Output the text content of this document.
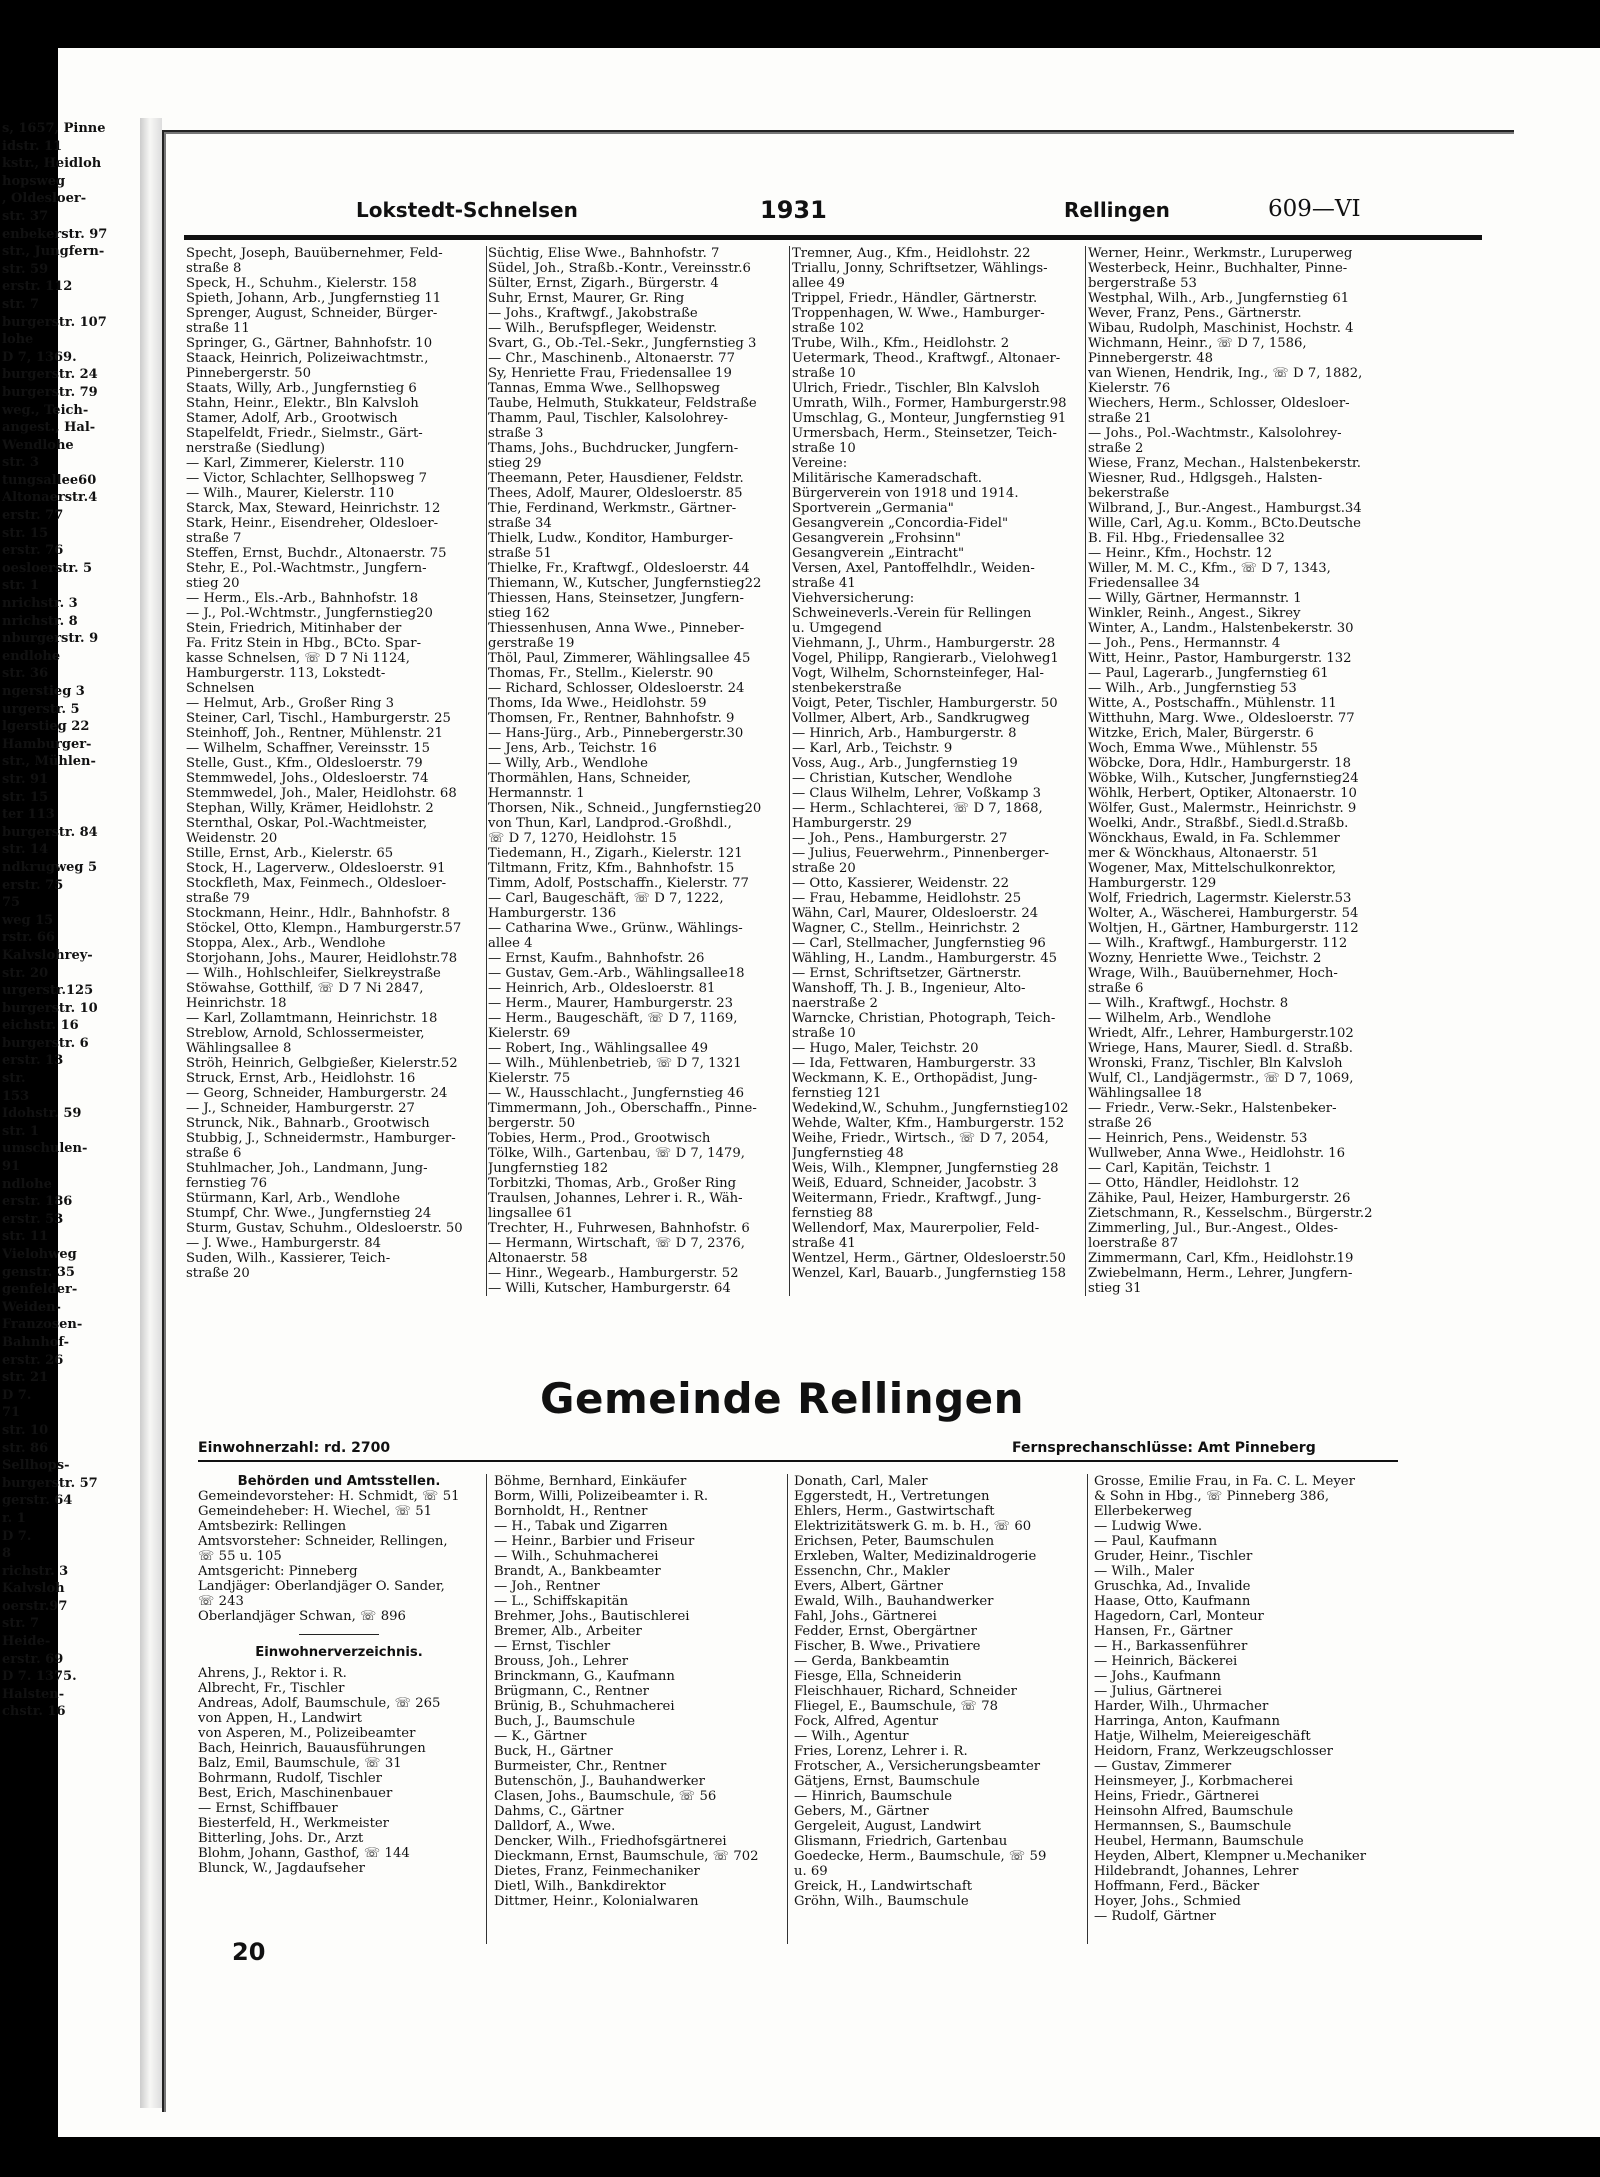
s, 1657, Pinne
idstr. 11
kstr., Heidloh
hopsweg
, Oldesloer-
str. 37
enbekerstr. 97
str., Jungfern-
str. 59
erstr. 112
str. 7
burgerstr. 107
lohe
D 7, 1369.
burgerstr. 24
burgerstr. 79
weg., Teich-
angest., Hal-
Wendlohe
str. 3
tungsallee60
Altonaerstr.4
erstr. 77
str. 15
erstr. 76
oesloerstr. 5
str. 1
nrichstr. 3
nrichstr. 8
nburgerstr. 9
endlohe
str. 36
ngerstieg 3
urgerstr. 5
lgerstieg 22
Hamburger-
str., Mühlen-
str. 91
str. 15
ter 113
burgerstr. 84
str. 14
ndkrugweg 5
erstr. 75
75
weg 15
rstr. 66
Kalvslohrey-
str. 20
urgerstr.125
burgerstr. 10
eichstr. 16
burgerstr. 6
erstr. 13
str.
153
Idohstr. 59
str. 1
umschulen-
91
ndlohe
erstr. 186
erstr. 53
str. 11
Vielohweg
genstr. 35
genfelder-
Weiden-
Franzosen-
Bahnhof-
erstr. 26
str. 21
D 7.
71
str. 10
str. 86
Sellhops-
burgerstr. 57
gerstr. 64
r. 1
D 7.
8
richstr. 3
Kalvsloh
oerstr.97
str. 7
Heide-
erstr. 69
D 7. 1375.
Halsten-
chstr. 16
Lokstedt-Schnelsen	1931	Rellingen	609—VI
Specht, Joseph, Bauübernehmer, Feld-
straße 8
Speck, H., Schuhm., Kielerstr. 158
Spieth, Johann, Arb., Jungfernstieg 11
Sprenger, August, Schneider, Bürger-
straße 11
Springer, G., Gärtner, Bahnhofstr. 10
Staack, Heinrich, Polizeiwachtmstr.,
Pinnebergerstr. 50
Staats, Willy, Arb., Jungfernstieg 6
Stahn, Heinr., Elektr., Bln Kalvsloh
Stamer, Adolf, Arb., Grootwisch
Stapelfeldt, Friedr., Sielmstr., Gärt-
nerstraße (Siedlung)
— Karl, Zimmerer, Kielerstr. 110
— Victor, Schlachter, Sellhopsweg 7
— Wilh., Maurer, Kielerstr. 110
Starck, Max, Steward, Heinrichstr. 12
Stark, Heinr., Eisendreher, Oldesloer-
straße 7
Steffen, Ernst, Buchdr., Altonaerstr. 75
Stehr, E., Pol.-Wachtmstr., Jungfern-
stieg 20
— Herm., Els.-Arb., Bahnhofstr. 18
— J., Pol.-Wchtmstr., Jungfernstieg20
Stein, Friedrich, Mitinhaber der
Fa. Fritz Stein in Hbg., BCto. Spar-
kasse Schnelsen, ☏ D 7 Ni 1124,
Hamburgerstr. 113, Lokstedt-
Schnelsen
— Helmut, Arb., Großer Ring 3
Steiner, Carl, Tischl., Hamburgerstr. 25
Steinhoff, Joh., Rentner, Mühlenstr. 21
— Wilhelm, Schaffner, Vereinsstr. 15
Stelle, Gust., Kfm., Oldesloerstr. 79
Stemmwedel, Johs., Oldesloerstr. 74
Stemmwedel, Joh., Maler, Heidlohstr. 68
Stephan, Willy, Krämer, Heidlohstr. 2
Sternthal, Oskar, Pol.-Wachtmeister,
Weidenstr. 20
Stille, Ernst, Arb., Kielerstr. 65
Stock, H., Lagerverw., Oldesloerstr. 91
Stockfleth, Max, Feinmech., Oldesloer-
straße 79
Stockmann, Heinr., Hdlr., Bahnhofstr. 8
Stöckel, Otto, Klempn., Hamburgerstr.57
Stoppa, Alex., Arb., Wendlohe
Storjohann, Johs., Maurer, Heidlohstr.78
— Wilh., Hohlschleifer, Sielkreystraße
Stöwahse, Gotthilf, ☏ D 7 Ni 2847,
Heinrichstr. 18
— Karl, Zollamtmann, Heinrichstr. 18
Streblow, Arnold, Schlossermeister,
Wählingsallee 8
Ströh, Heinrich, Gelbgießer, Kielerstr.52
Struck, Ernst, Arb., Heidlohstr. 16
— Georg, Schneider, Hamburgerstr. 24
— J., Schneider, Hamburgerstr. 27
Strunck, Nik., Bahnarb., Grootwisch
Stubbig, J., Schneidermstr., Hamburger-
straße 6
Stuhlmacher, Joh., Landmann, Jung-
fernstieg 76
Stürmann, Karl, Arb., Wendlohe
Stumpf, Chr. Wwe., Jungfernstieg 24
Sturm, Gustav, Schuhm., Oldesloerstr. 50
— J. Wwe., Hamburgerstr. 84
Suden, Wilh., Kassierer, Teich-
straße 20
Süchtig, Elise Wwe., Bahnhofstr. 7
Südel, Joh., Straßb.-Kontr., Vereinsstr.6
Sülter, Ernst, Zigarh., Bürgerstr. 4
Suhr, Ernst, Maurer, Gr. Ring
— Johs., Kraftwgf., Jakobstraße
— Wilh., Berufspfleger, Weidenstr.
Svart, G., Ob.-Tel.-Sekr., Jungfernstieg 3
— Chr., Maschinenb., Altonaerstr. 77
Sy, Henriette Frau, Friedensallee 19
Tannas, Emma Wwe., Sellhopsweg
Taube, Helmuth, Stukkateur, Feldstraße
Thamm, Paul, Tischler, Kalsolohrey-
straße 3
Thams, Johs., Buchdrucker, Jungfern-
stieg 29
Theemann, Peter, Hausdiener, Feldstr.
Thees, Adolf, Maurer, Oldesloerstr. 85
Thie, Ferdinand, Werkmstr., Gärtner-
straße 34
Thielk, Ludw., Konditor, Hamburger-
straße 51
Thielke, Fr., Kraftwgf., Oldesloerstr. 44
Thiemann, W., Kutscher, Jungfernstieg22
Thiessen, Hans, Steinsetzer, Jungfern-
stieg 162
Thiessenhusen, Anna Wwe., Pinneber-
gerstraße 19
Thöl, Paul, Zimmerer, Wählingsallee 45
Thomas, Fr., Stellm., Kielerstr. 90
— Richard, Schlosser, Oldesloerstr. 24
Thoms, Ida Wwe., Heidlohstr. 59
Thomsen, Fr., Rentner, Bahnhofstr. 9
— Hans-Jürg., Arb., Pinnebergerstr.30
— Jens, Arb., Teichstr. 16
— Willy, Arb., Wendlohe
Thormählen, Hans, Schneider,
Hermannstr. 1
Thorsen, Nik., Schneid., Jungfernstieg20
von Thun, Karl, Landprod.-Großhdl.,
☏ D 7, 1270, Heidlohstr. 15
Tiedemann, H., Zigarh., Kielerstr. 121
Tiltmann, Fritz, Kfm., Bahnhofstr. 15
Timm, Adolf, Postschaffn., Kielerstr. 77
— Carl, Baugeschäft, ☏ D 7, 1222,
Hamburgerstr. 136
— Catharina Wwe., Grünw., Wählings-
allee 4
— Ernst, Kaufm., Bahnhofstr. 26
— Gustav, Gem.-Arb., Wählingsallee18
— Heinrich, Arb., Oldesloerstr. 81
— Herm., Maurer, Hamburgerstr. 23
— Herm., Baugeschäft, ☏ D 7, 1169,
Kielerstr. 69
— Robert, Ing., Wählingsallee 49
— Wilh., Mühlenbetrieb, ☏ D 7, 1321
Kielerstr. 75
— W., Hausschlacht., Jungfernstieg 46
Timmermann, Joh., Oberschaffn., Pinne-
bergerstr. 50
Tobies, Herm., Prod., Grootwisch
Tölke, Wilh., Gartenbau, ☏ D 7, 1479,
Jungfernstieg 182
Torbitzki, Thomas, Arb., Großer Ring
Traulsen, Johannes, Lehrer i. R., Wäh-
lingsallee 61
Trechter, H., Fuhrwesen, Bahnhofstr. 6
— Hermann, Wirtschaft, ☏ D 7, 2376,
Altonaerstr. 58
— Hinr., Wegearb., Hamburgerstr. 52
— Willi, Kutscher, Hamburgerstr. 64
Tremner, Aug., Kfm., Heidlohstr. 22
Triallu, Jonny, Schriftsetzer, Wählings-
allee 49
Trippel, Friedr., Händler, Gärtnerstr.
Troppenhagen, W. Wwe., Hamburger-
straße 102
Trube, Wilh., Kfm., Heidlohstr. 2
Uetermark, Theod., Kraftwgf., Altonaer-
straße 10
Ulrich, Friedr., Tischler, Bln Kalvsloh
Umrath, Wilh., Former, Hamburgerstr.98
Umschlag, G., Monteur, Jungfernstieg 91
Urmersbach, Herm., Steinsetzer, Teich-
straße 10
Vereine:
Militärische Kameradschaft.
Bürgerverein von 1918 und 1914.
Sportverein „Germania"
Gesangverein „Concordia-Fidel"
Gesangverein „Frohsinn"
Gesangverein „Eintracht"
Versen, Axel, Pantoffelhdlr., Weiden-
straße 41
Viehversicherung:
Schweineverls.-Verein für Rellingen
u. Umgegend
Viehmann, J., Uhrm., Hamburgerstr. 28
Vogel, Philipp, Rangierarb., Vielohweg1
Vogt, Wilhelm, Schornsteinfeger, Hal-
stenbekerstraße
Voigt, Peter, Tischler, Hamburgerstr. 50
Vollmer, Albert, Arb., Sandkrugweg
— Hinrich, Arb., Hamburgerstr. 8
— Karl, Arb., Teichstr. 9
Voss, Aug., Arb., Jungfernstieg 19
— Christian, Kutscher, Wendlohe
— Claus Wilhelm, Lehrer, Voßkamp 3
— Herm., Schlachterei, ☏ D 7, 1868,
Hamburgerstr. 29
— Joh., Pens., Hamburgerstr. 27
— Julius, Feuerwehrm., Pinnenberger-
straße 20
— Otto, Kassierer, Weidenstr. 22
— Frau, Hebamme, Heidlohstr. 25
Wähn, Carl, Maurer, Oldesloerstr. 24
Wagner, C., Stellm., Heinrichstr. 2
— Carl, Stellmacher, Jungfernstieg 96
Wähling, H., Landm., Hamburgerstr. 45
— Ernst, Schriftsetzer, Gärtnerstr.
Wanshoff, Th. J. B., Ingenieur, Alto-
naerstraße 2
Warncke, Christian, Photograph, Teich-
straße 10
— Hugo, Maler, Teichstr. 20
— Ida, Fettwaren, Hamburgerstr. 33
Weckmann, K. E., Orthopädist, Jung-
fernstieg 121
Wedekind,W., Schuhm., Jungfernstieg102
Wehde, Walter, Kfm., Hamburgerstr. 152
Weihe, Friedr., Wirtsch., ☏ D 7, 2054,
Jungfernstieg 48
Weis, Wilh., Klempner, Jungfernstieg 28
Weiß, Eduard, Schneider, Jacobstr. 3
Weitermann, Friedr., Kraftwgf., Jung-
fernstieg 88
Wellendorf, Max, Maurerpolier, Feld-
straße 41
Wentzel, Herm., Gärtner, Oldesloerstr.50
Wenzel, Karl, Bauarb., Jungfernstieg 158
Werner, Heinr., Werkmstr., Luruperweg
Westerbeck, Heinr., Buchhalter, Pinne-
bergerstraße 53
Westphal, Wilh., Arb., Jungfernstieg 61
Wever, Franz, Pens., Gärtnerstr.
Wibau, Rudolph, Maschinist, Hochstr. 4
Wichmann, Heinr., ☏ D 7, 1586,
Pinnebergerstr. 48
van Wienen, Hendrik, Ing., ☏ D 7, 1882,
Kielerstr. 76
Wiechers, Herm., Schlosser, Oldesloer-
straße 21
— Johs., Pol.-Wachtmstr., Kalsolohrey-
straße 2
Wiese, Franz, Mechan., Halstenbekerstr.
Wiesner, Rud., Hdlgsgeh., Halsten-
bekerstraße
Wilbrand, J., Bur.-Angest., Hamburgst.34
Wille, Carl, Ag.u. Komm., BCto.Deutsche
B. Fil. Hbg., Friedensallee 32
— Heinr., Kfm., Hochstr. 12
Willer, M. M. C., Kfm., ☏ D 7, 1343,
Friedensallee 34
— Willy, Gärtner, Hermannstr. 1
Winkler, Reinh., Angest., Sikrey
Winter, A., Landm., Halstenbekerstr. 30
— Joh., Pens., Hermannstr. 4
Witt, Heinr., Pastor, Hamburgerstr. 132
— Paul, Lagerarb., Jungfernstieg 61
— Wilh., Arb., Jungfernstieg 53
Witte, A., Postschaffn., Mühlenstr. 11
Witthuhn, Marg. Wwe., Oldesloerstr. 77
Witzke, Erich, Maler, Bürgerstr. 6
Woch, Emma Wwe., Mühlenstr. 55
Wöbcke, Dora, Hdlr., Hamburgerstr. 18
Wöbke, Wilh., Kutscher, Jungfernstieg24
Wöhlk, Herbert, Optiker, Altonaerstr. 10
Wölfer, Gust., Malermstr., Heinrichstr. 9
Woelki, Andr., Straßbf., Siedl.d.Straßb.
Wönckhaus, Ewald, in Fa. Schlemmer
mer & Wönckhaus, Altonaerstr. 51
Wogener, Max, Mittelschulkonrektor,
Hamburgerstr. 129
Wolf, Friedrich, Lagermstr. Kielerstr.53
Wolter, A., Wäscherei, Hamburgerstr. 54
Woltjen, H., Gärtner, Hamburgerstr. 112
— Wilh., Kraftwgf., Hamburgerstr. 112
Wozny, Henriette Wwe., Teichstr. 2
Wrage, Wilh., Bauübernehmer, Hoch-
straße 6
— Wilh., Kraftwgf., Hochstr. 8
— Wilhelm, Arb., Wendlohe
Wriedt, Alfr., Lehrer, Hamburgerstr.102
Wriege, Hans, Maurer, Siedl. d. Straßb.
Wronski, Franz, Tischler, Bln Kalvsloh
Wulf, Cl., Landjägermstr., ☏ D 7, 1069,
Wählingsallee 18
— Friedr., Verw.-Sekr., Halstenbeker-
straße 26
— Heinrich, Pens., Weidenstr. 53
Wullweber, Anna Wwe., Heidlohstr. 16
— Carl, Kapitän, Teichstr. 1
— Otto, Händler, Heidlohstr. 12
Zähike, Paul, Heizer, Hamburgerstr. 26
Zietschmann, R., Kesselschm., Bürgerstr.2
Zimmerling, Jul., Bur.-Angest., Oldes-
loerstraße 87
Zimmermann, Carl, Kfm., Heidlohstr.19
Zwiebelmann, Herm., Lehrer, Jungfern-
stieg 31
Gemeinde Rellingen
Einwohnerzahl: rd. 2700	Fernsprechanschlüsse: Amt Pinneberg
Behörden und Amtsstellen.
Gemeindevorsteher: H. Schmidt, ☏ 51
Gemeindeheber: H. Wiechel, ☏ 51
Amtsbezirk: Rellingen
Amtsvorsteher: Schneider, Rellingen,
☏ 55 u. 105
Amtsgericht: Pinneberg
Landjäger: Oberlandjäger O. Sander,
☏ 243
Oberlandjäger Schwan, ☏ 896
Einwohnerverzeichnis.
Ahrens, J., Rektor i. R.
Albrecht, Fr., Tischler
Andreas, Adolf, Baumschule, ☏ 265
von Appen, H., Landwirt
von Asperen, M., Polizeibeamter
Bach, Heinrich, Bauausführungen
Balz, Emil, Baumschule, ☏ 31
Bohrmann, Rudolf, Tischler
Best, Erich, Maschinenbauer
— Ernst, Schiffbauer
Biesterfeld, H., Werkmeister
Bitterling, Johs. Dr., Arzt
Blohm, Johann, Gasthof, ☏ 144
Blunck, W., Jagdaufseher
Böhme, Bernhard, Einkäufer
Borm, Willi, Polizeibeamter i. R.
Bornholdt, H., Rentner
— H., Tabak und Zigarren
— Heinr., Barbier und Friseur
— Wilh., Schuhmacherei
Brandt, A., Bankbeamter
— Joh., Rentner
— L., Schiffskapitän
Brehmer, Johs., Bautischlerei
Bremer, Alb., Arbeiter
— Ernst, Tischler
Brouss, Joh., Lehrer
Brinckmann, G., Kaufmann
Brügmann, C., Rentner
Brünig, B., Schuhmacherei
Buch, J., Baumschule
— K., Gärtner
Buck, H., Gärtner
Burmeister, Chr., Rentner
Butenschön, J., Bauhandwerker
Clasen, Johs., Baumschule, ☏ 56
Dahms, C., Gärtner
Dalldorf, A., Wwe.
Dencker, Wilh., Friedhofsgärtnerei
Dieckmann, Ernst, Baumschule, ☏ 702
Dietes, Franz, Feinmechaniker
Dietl, Wilh., Bankdirektor
Dittmer, Heinr., Kolonialwaren
Donath, Carl, Maler
Eggerstedt, H., Vertretungen
Ehlers, Herm., Gastwirtschaft
Elektrizitätswerk G. m. b. H., ☏ 60
Erichsen, Peter, Baumschulen
Erxleben, Walter, Medizinaldrogerie
Essenchn, Chr., Makler
Evers, Albert, Gärtner
Ewald, Wilh., Bauhandwerker
Fahl, Johs., Gärtnerei
Fedder, Ernst, Obergärtner
Fischer, B. Wwe., Privatiere
— Gerda, Bankbeamtin
Fiesge, Ella, Schneiderin
Fleischhauer, Richard, Schneider
Fliegel, E., Baumschule, ☏ 78
Fock, Alfred, Agentur
— Wilh., Agentur
Fries, Lorenz, Lehrer i. R.
Frotscher, A., Versicherungsbeamter
Gätjens, Ernst, Baumschule
— Hinrich, Baumschule
Gebers, M., Gärtner
Gergeleit, August, Landwirt
Glismann, Friedrich, Gartenbau
Goedecke, Herm., Baumschule, ☏ 59
u. 69
Greick, H., Landwirtschaft
Gröhn, Wilh., Baumschule
Grosse, Emilie Frau, in Fa. C. L. Meyer
& Sohn in Hbg., ☏ Pinneberg 386,
Ellerbekerweg
— Ludwig Wwe.
— Paul, Kaufmann
Gruder, Heinr., Tischler
— Wilh., Maler
Gruschka, Ad., Invalide
Haase, Otto, Kaufmann
Hagedorn, Carl, Monteur
Hansen, Fr., Gärtner
— H., Barkassenführer
— Heinrich, Bäckerei
— Johs., Kaufmann
— Julius, Gärtnerei
Harder, Wilh., Uhrmacher
Harringa, Anton, Kaufmann
Hatje, Wilhelm, Meiereigeschäft
Heidorn, Franz, Werkzeugschlosser
— Gustav, Zimmerer
Heinsmeyer, J., Korbmacherei
Heins, Friedr., Gärtnerei
Heinsohn Alfred, Baumschule
Hermannsen, S., Baumschule
Heubel, Hermann, Baumschule
Heyden, Albert, Klempner u.Mechaniker
Hildebrandt, Johannes, Lehrer
Hoffmann, Ferd., Bäcker
Hoyer, Johs., Schmied
— Rudolf, Gärtner
20
